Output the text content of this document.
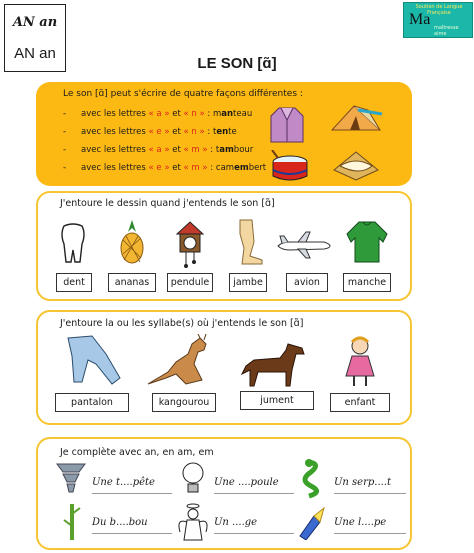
AN an
AN an
Soutien de Langue Française
Ma maîtresse aime
LE SON [ɑ̃]
Le son [ɑ̃] peut s'écrire de quatre façons différentes :
- avec les lettres « a » et « n » : manteau
- avec les lettres « e » et « n » : tente
- avec les lettres « a » et « m » : tambour
- avec les lettres « e » et « m » : camembert
J'entoure le dessin quand j'entends le son [ɑ̃]
dent	ananas	pendule	jambe	avion	manche
J'entoure la ou les syllabe(s) où j'entends le son [ɑ̃]
pantalon	kangourou	jument	enfant
Je complète avec an, en am, em
Une t....pête	Une ....poule	Un serp....t
Du b....bou	Un ....ge	Une l....pe
